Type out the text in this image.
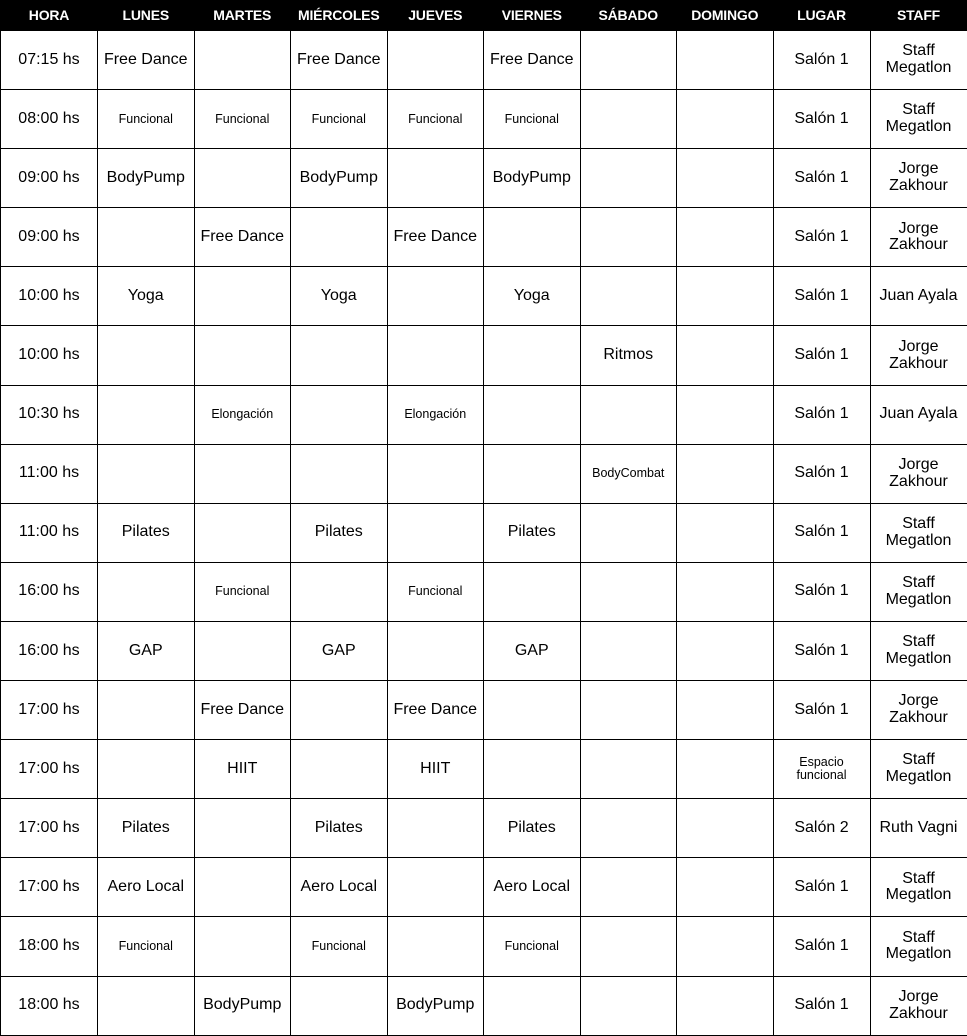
HORA	LUNES	MARTES	MIÉRCOLES	JUEVES	VIERNES	SÁBADO	DOMINGO	LUGAR	STAFF
07:15 hs	Free Dance		Free Dance		Free Dance			Salón 1	Staff Megatlon
08:00 hs	Funcional	Funcional	Funcional	Funcional	Funcional			Salón 1	Staff Megatlon
09:00 hs	BodyPump		BodyPump		BodyPump			Salón 1	Jorge Zakhour
09:00 hs		Free Dance		Free Dance				Salón 1	Jorge Zakhour
10:00 hs	Yoga		Yoga		Yoga			Salón 1	Juan Ayala
10:00 hs						Ritmos		Salón 1	Jorge Zakhour
10:30 hs		Elongación		Elongación				Salón 1	Juan Ayala
11:00 hs						BodyCombat		Salón 1	Jorge Zakhour
11:00 hs	Pilates		Pilates		Pilates			Salón 1	Staff Megatlon
16:00 hs		Funcional		Funcional				Salón 1	Staff Megatlon
16:00 hs	GAP		GAP		GAP			Salón 1	Staff Megatlon
17:00 hs		Free Dance		Free Dance				Salón 1	Jorge Zakhour
17:00 hs		HIIT		HIIT				Espacio funcional	Staff Megatlon
17:00 hs	Pilates		Pilates		Pilates			Salón 2	Ruth Vagni
17:00 hs	Aero Local		Aero Local		Aero Local			Salón 1	Staff Megatlon
18:00 hs	Funcional		Funcional		Funcional			Salón 1	Staff Megatlon
18:00 hs		BodyPump		BodyPump				Salón 1	Jorge Zakhour
